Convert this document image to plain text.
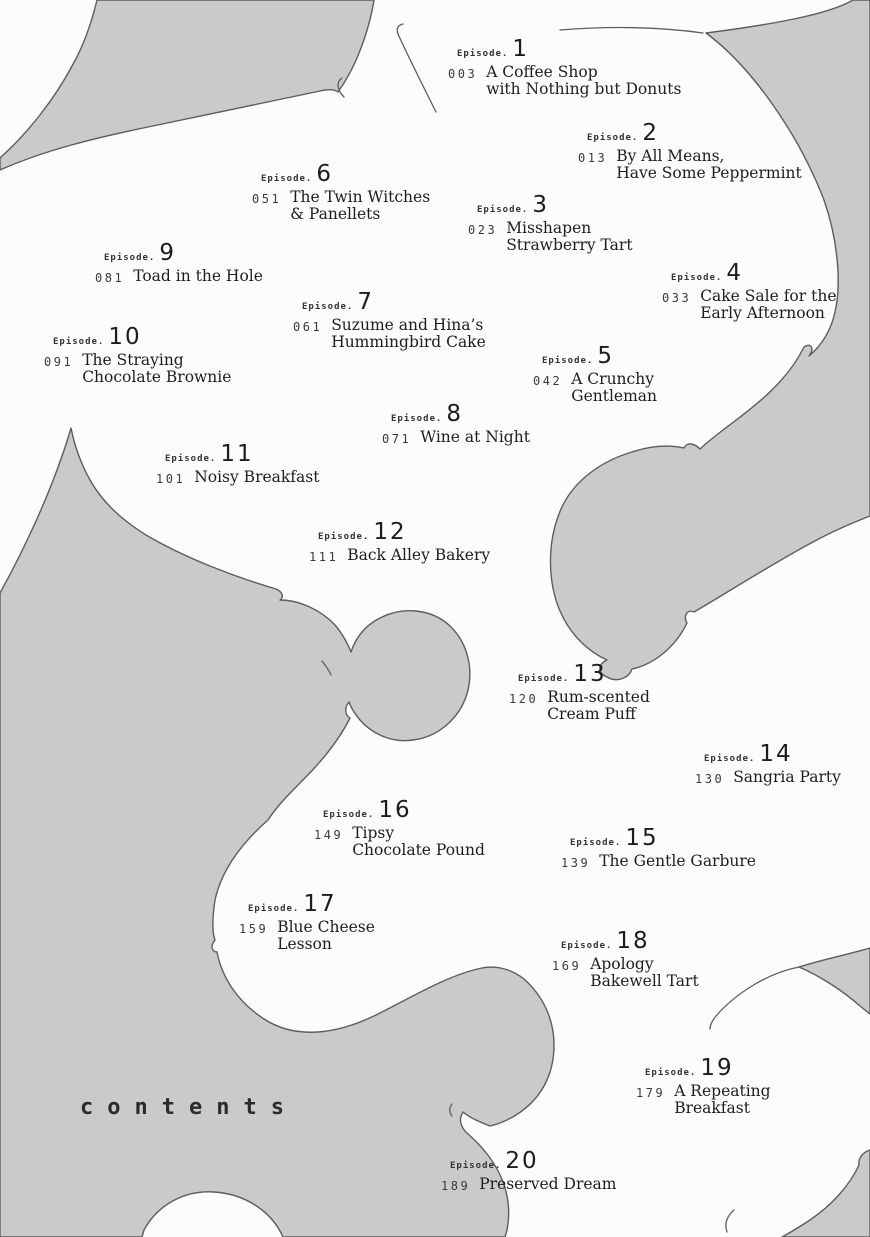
Episode. 1
003 A Coffee Shop
with Nothing but Donuts
Episode. 2
013 By All Means,
Have Some Peppermint
Episode. 3
023 Misshapen
Strawberry Tart
Episode. 4
033 Cake Sale for the
Early Afternoon
Episode. 5
042 A Crunchy
Gentleman
Episode. 6
051 The Twin Witches
& Panellets
Episode. 7
061 Suzume and Hina’s
Hummingbird Cake
Episode. 8
071 Wine at Night
Episode. 9
081 Toad in the Hole
Episode. 10
091 The Straying
Chocolate Brownie
Episode. 11
101 Noisy Breakfast
Episode. 12
111 Back Alley Bakery
Episode. 13
120 Rum-scented
Cream Puff
Episode. 14
130 Sangria Party
Episode. 15
139 The Gentle Garbure
Episode. 16
149 Tipsy
Chocolate Pound
Episode. 17
159 Blue Cheese
Lesson	Episode. 18
169 Apology
Bakewell Tart
Episode. 19
179 A Repeating
Breakfast
Episode. 20
189 Preserved Dream
contents
